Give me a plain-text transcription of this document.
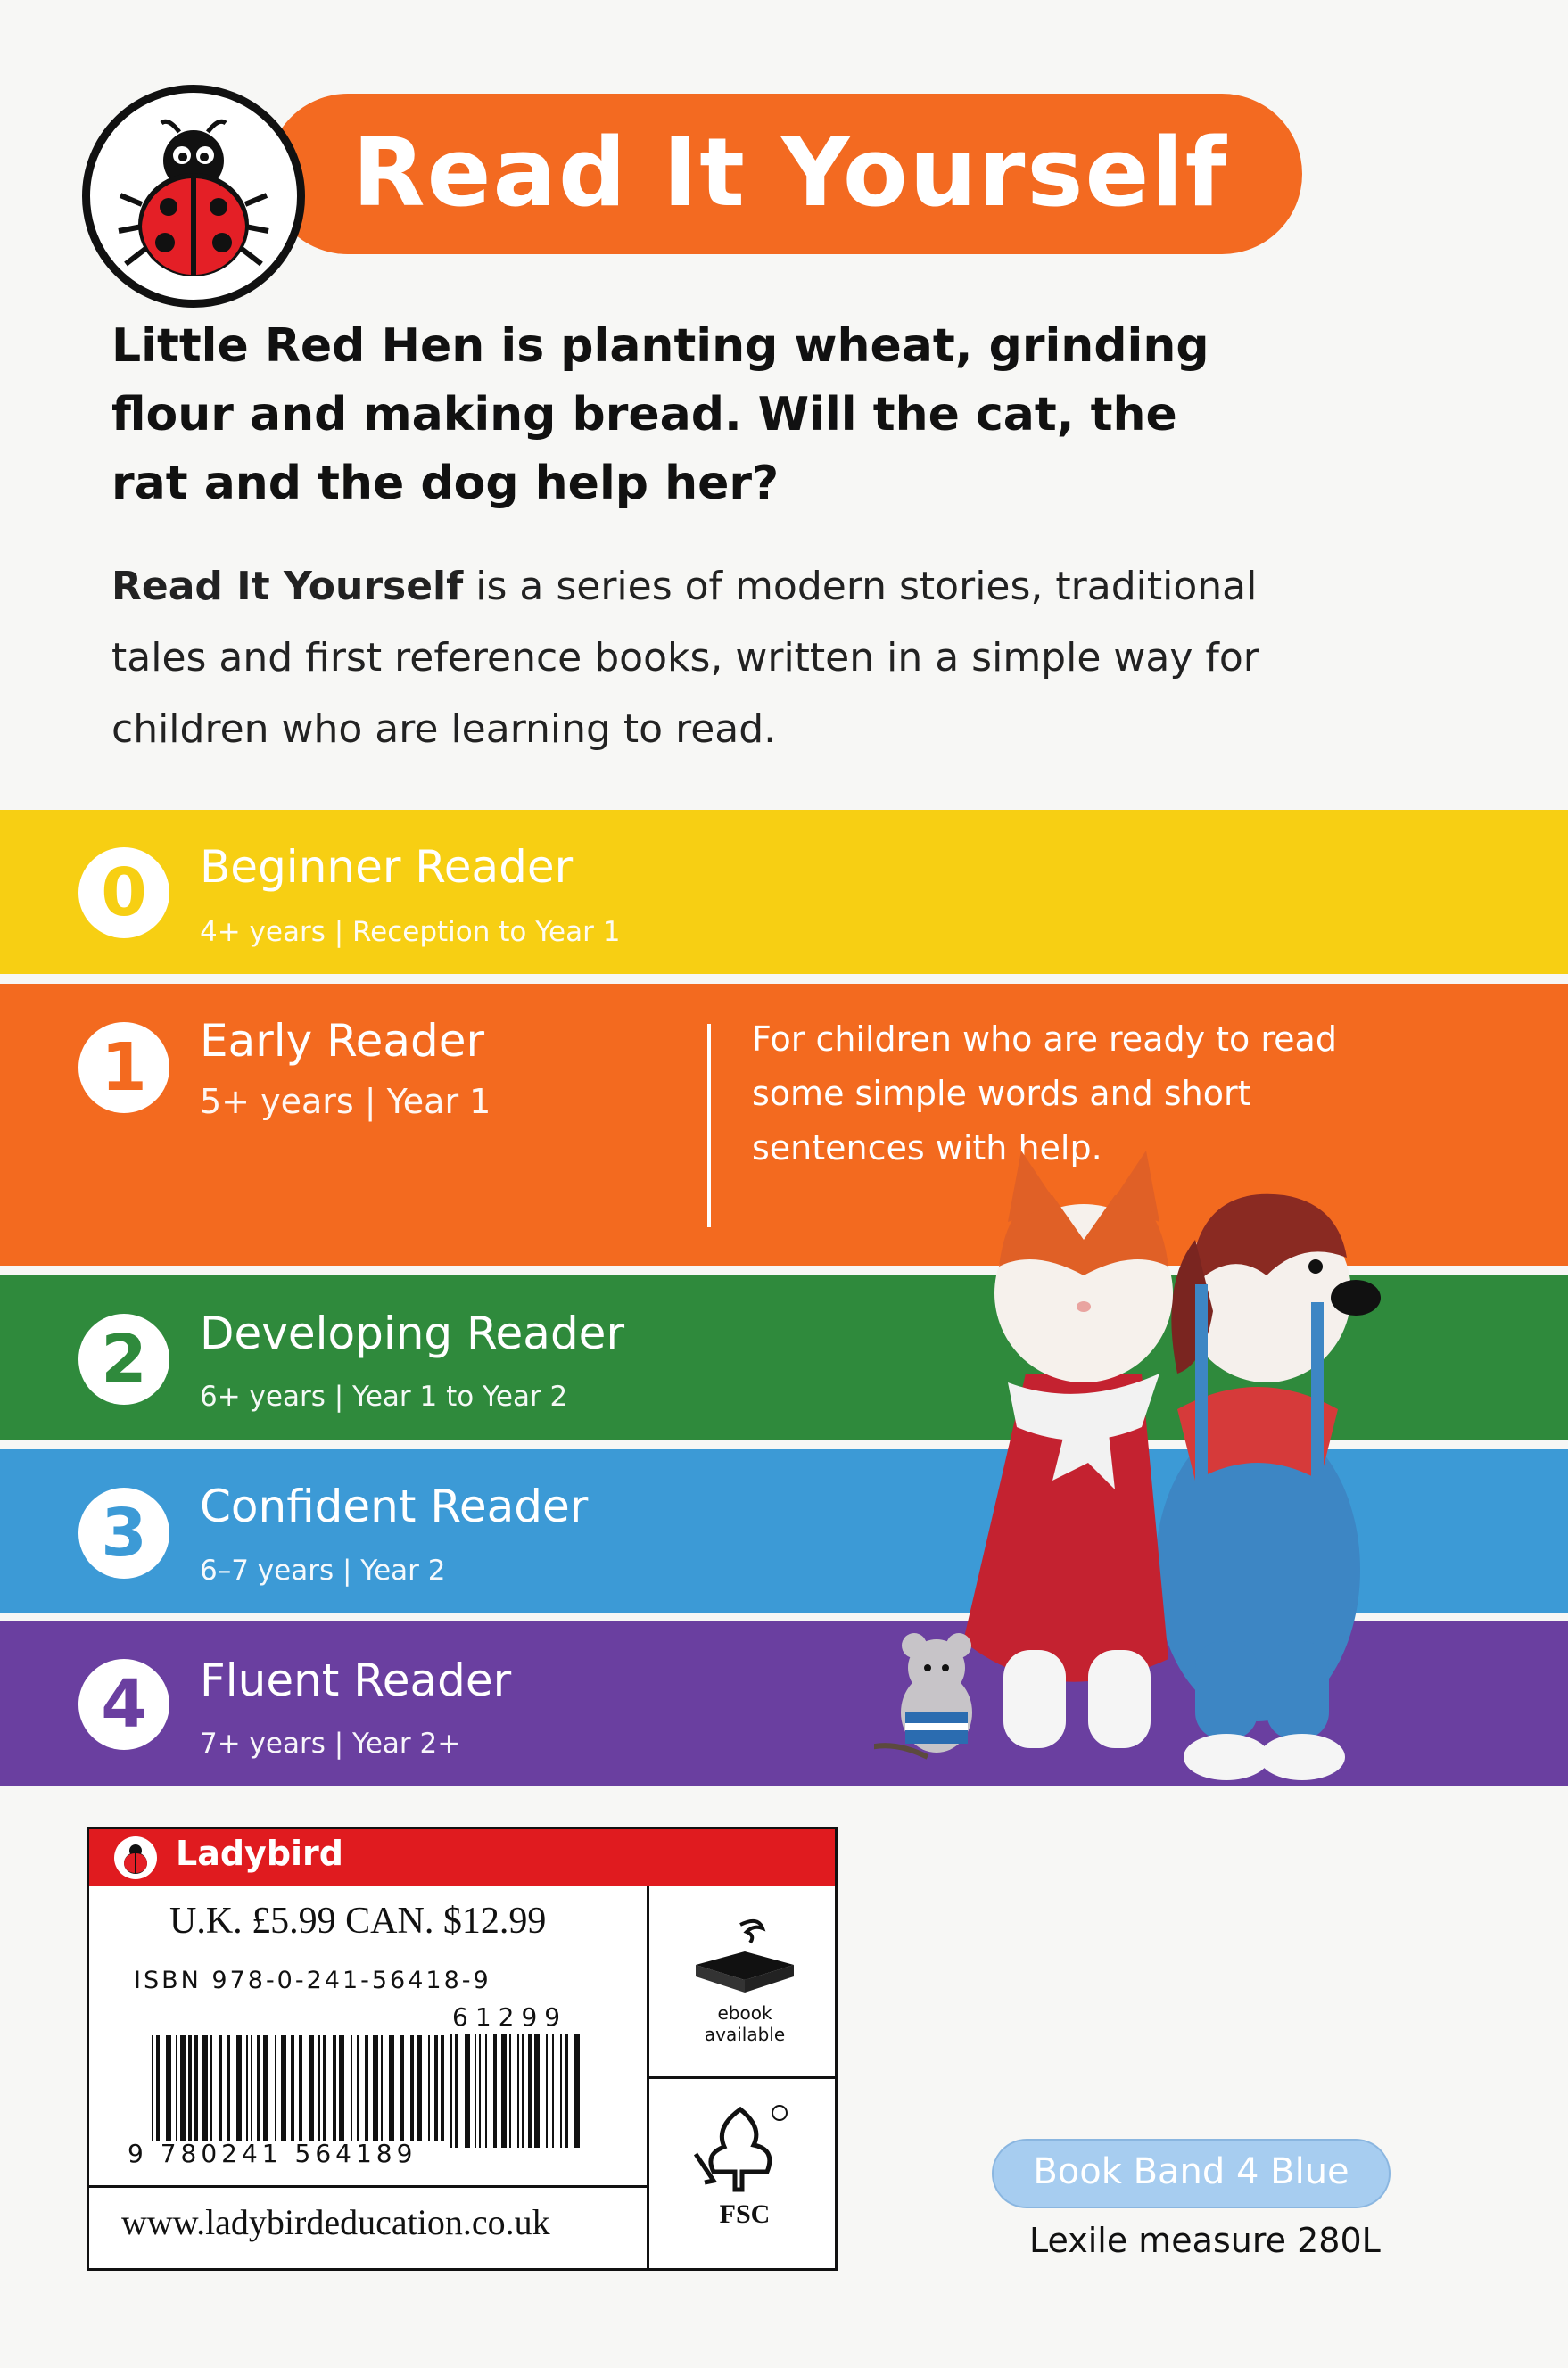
Read It Yourself
Little Red Hen is planting wheat, grinding flour and making bread. Will the cat, the rat and the dog help her?
Read It Yourself is a series of modern stories, traditional tales and first reference books, written in a simple way for children who are learning to read.
0	Beginner Reader
4+ years | Reception to Year 1
1	Early Reader
5+ years | Year 1
For children who are ready to read some simple words and short sentences with help.
2	Developing Reader
6+ years | Year 1 to Year 2
3	Confident Reader
6–7 years | Year 2
4	Fluent Reader
7+ years | Year 2+
Ladybird
U.K. £5.99 CAN. $12.99
ISBN 978-0-241-56418-9
61299
9 780241 564189
www.ladybirdeducation.co.uk
ebook available
FSC
Book Band 4 Blue
Lexile measure 280L
